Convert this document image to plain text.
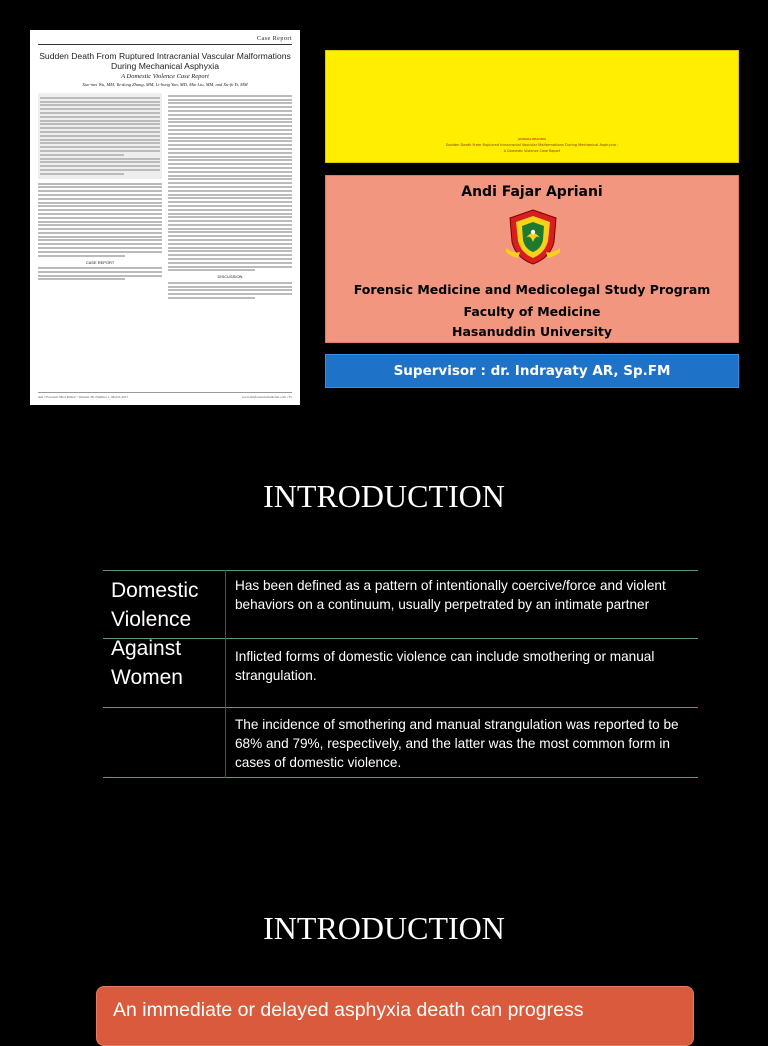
Case Report
Sudden Death From Ruptured Intracranial Vascular Malformations During Mechanical Asphyxia
A Domestic Violence Case Report
Xue-mei Wu, MM, Ya-dong Zhang, MM, Li-hong Yan, MD, Min Liu, MM, and Xu-fu Yi, MM
CASE REPORT
DISCUSSION
Am J Forensic Med Pathol • Volume 38, Number 1, March 2017	www.amjforensicmedicine.com | 35
JOURNAL READING
Sudden Death From Ruptured Intracranial Vascular Malformations During Mechanical Asphyxia :
A Domestic Violence Case Report
Andi Fajar Apriani
Forensic Medicine and Medicolegal Study Program
Faculty of Medicine
Hasanuddin University
Supervisor : dr. Indrayaty AR, Sp.FM
INTRODUCTION
Domestic Violence Against Women
Has been defined as a pattern of intentionally coercive/force and violent behaviors on a continuum, usually perpetrated by an intimate partner
Inflicted forms of domestic violence can include smothering or manual strangulation.
The incidence of smothering and manual strangulation was reported to be 68% and 79%, respectively, and the latter was the most common form in cases of domestic violence.
INTRODUCTION
An immediate or delayed asphyxia death can progress
